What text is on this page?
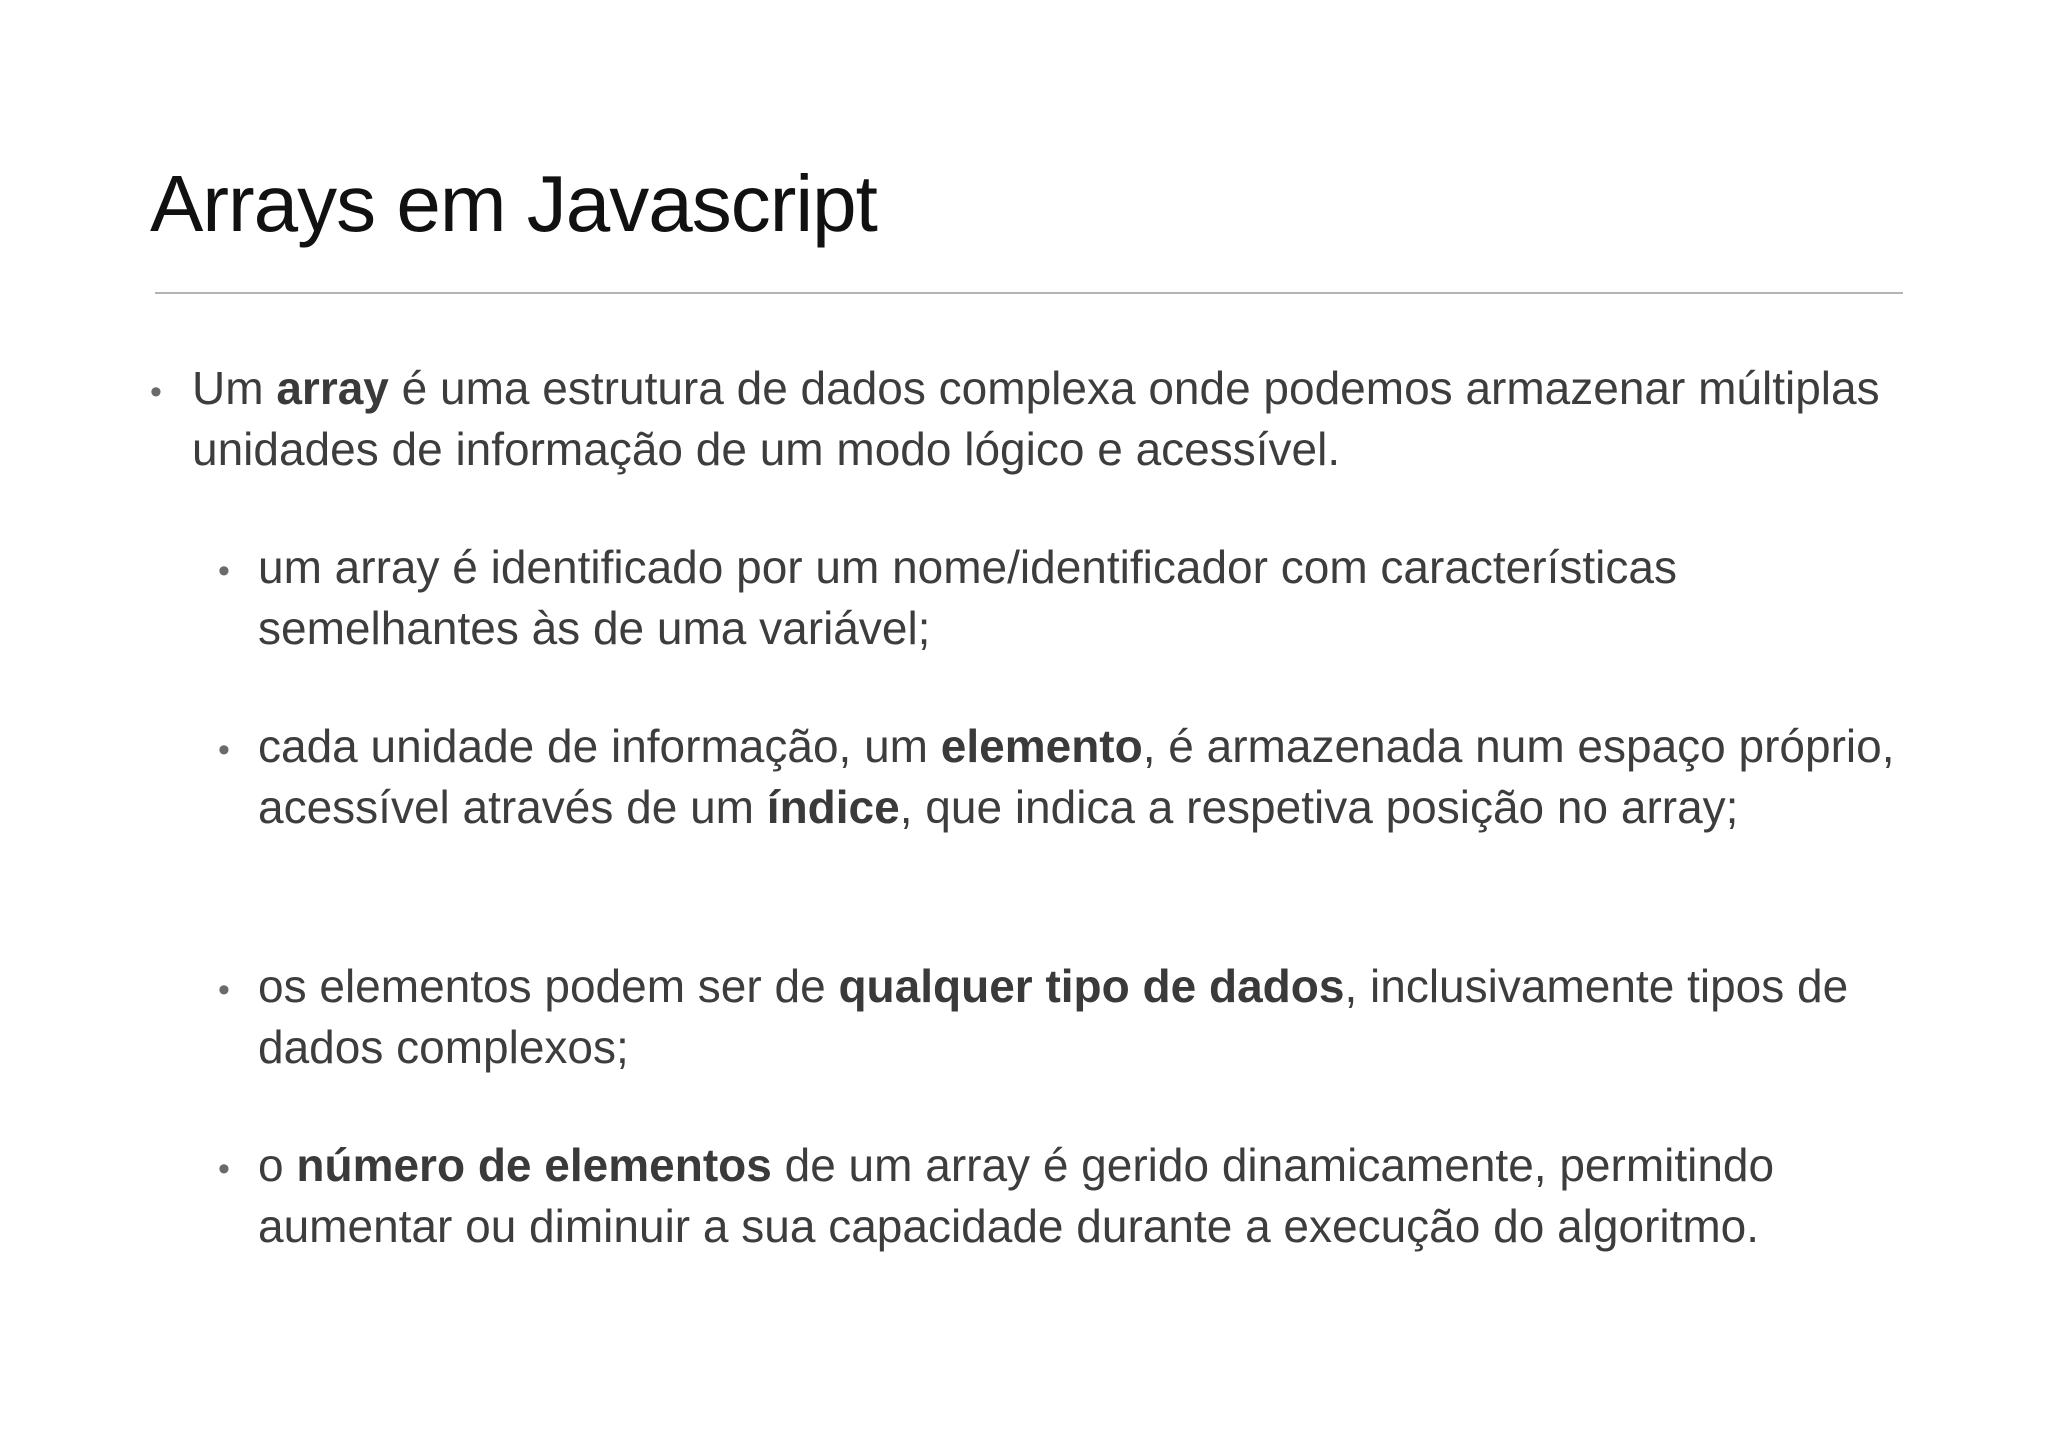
Arrays em Javascript
• Um array é uma estrutura de dados complexa onde podemos armazenar múltiplas unidades de informação de um modo lógico e acessível.
• um array é identificado por um nome/identificador com características semelhantes às de uma variável;
• cada unidade de informação, um elemento, é armazenada num espaço próprio, acessível através de um índice, que indica a respetiva posição no array;
• os elementos podem ser de qualquer tipo de dados, inclusivamente tipos de dados complexos;
• o número de elementos de um array é gerido dinamicamente, permitindo aumentar ou diminuir a sua capacidade durante a execução do algoritmo.
